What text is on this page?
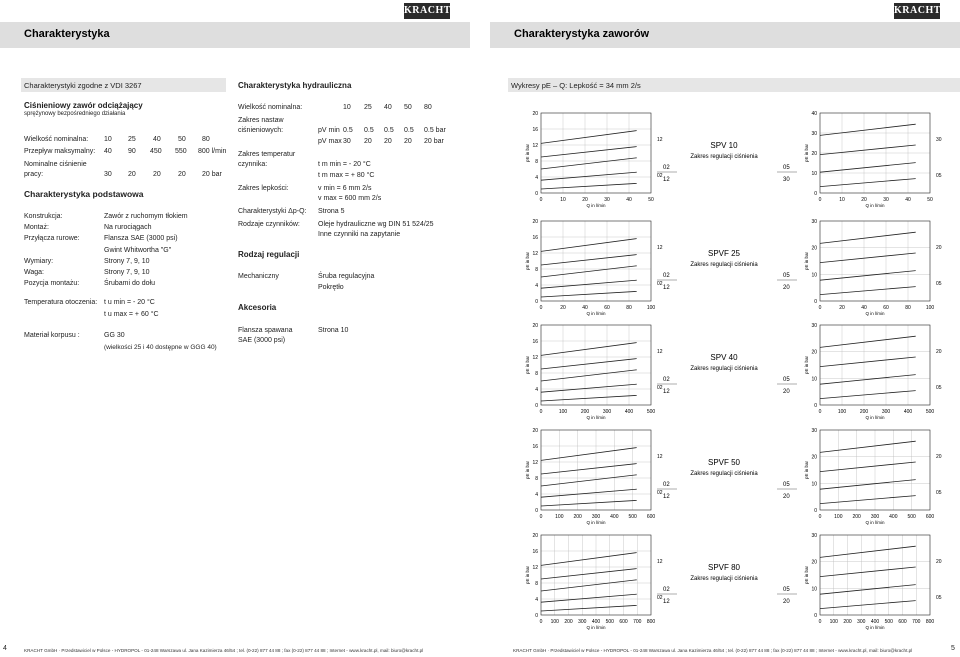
KRACHT	KRACHT
Charakterystyka	Charakterystyka zaworów
Charakterystyki zgodne z VDI 3267
Ciśnieniowy zawór odciążający
sprężynowy bezpośredniego działania
Wielkość nominalna: 10 25 40 50 80
Przepływ maksymalny: 40 90 450 550 800 l/min
Nominalne ciśnienie
pracy:	30 20 20 20 20 bar
Charakterystyka podstawowa
Konstrukcja:	Zawór z ruchomym tłokiem
Montaż:	Na rurociągach
Przyłącza rurowe:	Flansza SAE (3000 psi)
Gwint Whitworthа "G"
Wymiary:	Strony 7, 9, 10
Waga:	Strony 7, 9, 10
Pozycja montażu:	Śrubami do dołu
Temperatura otoczenia: t u min = - 20 °C
t u max = + 60 °C
Materiał korpusu :	GG 30
(wielkości 25 i 40 dostępne w GGG 40)
Charakterystyka hydrauliczna
Wielkość nominalna:	10 25 40 50 80
Zakres nastaw
ciśnieniowych:	pV min 0.5 0.5 0.5 0.5 0.5 bar
pV max 30 20 20 20 20 bar
Zakres temperatur
czynnika:	t m min = - 20 °C
t m max = + 80 °C
Zakres lepkości:	v min = 6 mm 2/s
v max = 600 mm 2/s
Charakterystyki Δp-Q: Strona 5
Rodzaje czynników:	Oleje hydrauliczne wg DIN 51 524/25
Inne czynniki na zapytanie
Rodzaj regulacji
Mechaniczny	Śruba regulacyjna
Pokrętło
Akcesoria
Flansza spawana
SAE (3000 psi)
Strona 10
Wykresy pE – Q: Lepkość = 34 mm 2/s
20
16
12
8
4
0
0	10	20	30	40	50
Q in l/min
pE in bar
12
02
40
30
20
10
0
0	10	20	30	40	50
Q in l/min
pE in bar
30
05
SPV 10
Zakres regulacji ciśnienia
02
12
05
30
20
16
12
8
4
0
0	20	40	60	80	100
Q in l/min
pE in bar
12
02
30
20
10
0
0	20	40	60	80	100
Q in l/min
pE in bar
20
05
SPVF 25
Zakres regulacji ciśnienia
02
12
05
20
20
16
12
8
4
0
0	100	200	300	400	500
Q in l/min
pE in bar
12
02
30
20
10
0
0	100	200	300	400	500
Q in l/min
pE in bar
20
05
SPV 40
Zakres regulacji ciśnienia
02
12
05
20
20
16
12
8
4
0
0	100 200 300 400 500 600
Q in l/min
pE in bar
12
02
30
20
10
0
0	100 200 300 400 500 600
Q in l/min
pE in bar
20
05
SPVF 50
Zakres regulacji ciśnienia
02
12
05
20
20
16
12
8
4
0
0 100 200 300 400 500 600 700 800
Q in l/min
pE in bar
12
02
30
20
10
0
0 100 200 300 400 500 600 700 800
Q in l/min
pE in bar
20
05
SPVF 80
Zakres regulacji ciśnienia
02
12
05
20
4	KRACHT GmbH · Przedstawiciel w Polsce - HYDROPOL - 01-248 Warszawa ul. Jana Kazimierza 46/54 ; tel. (0-22) 877 44 88 ; fax (0-22) 877 44 88 ; Internet - www.kracht.pl, mail: biuro@kracht.pl	KRACHT GmbH · Przedstawiciel w Polsce - HYDROPOL - 01-248 Warszawa ul. Jana Kazimierza 46/54 ; tel. (0-22) 877 44 88 ; fax (0-22) 877 44 88 ; Internet - www.kracht.pl, mail: biuro@kracht.pl	5
